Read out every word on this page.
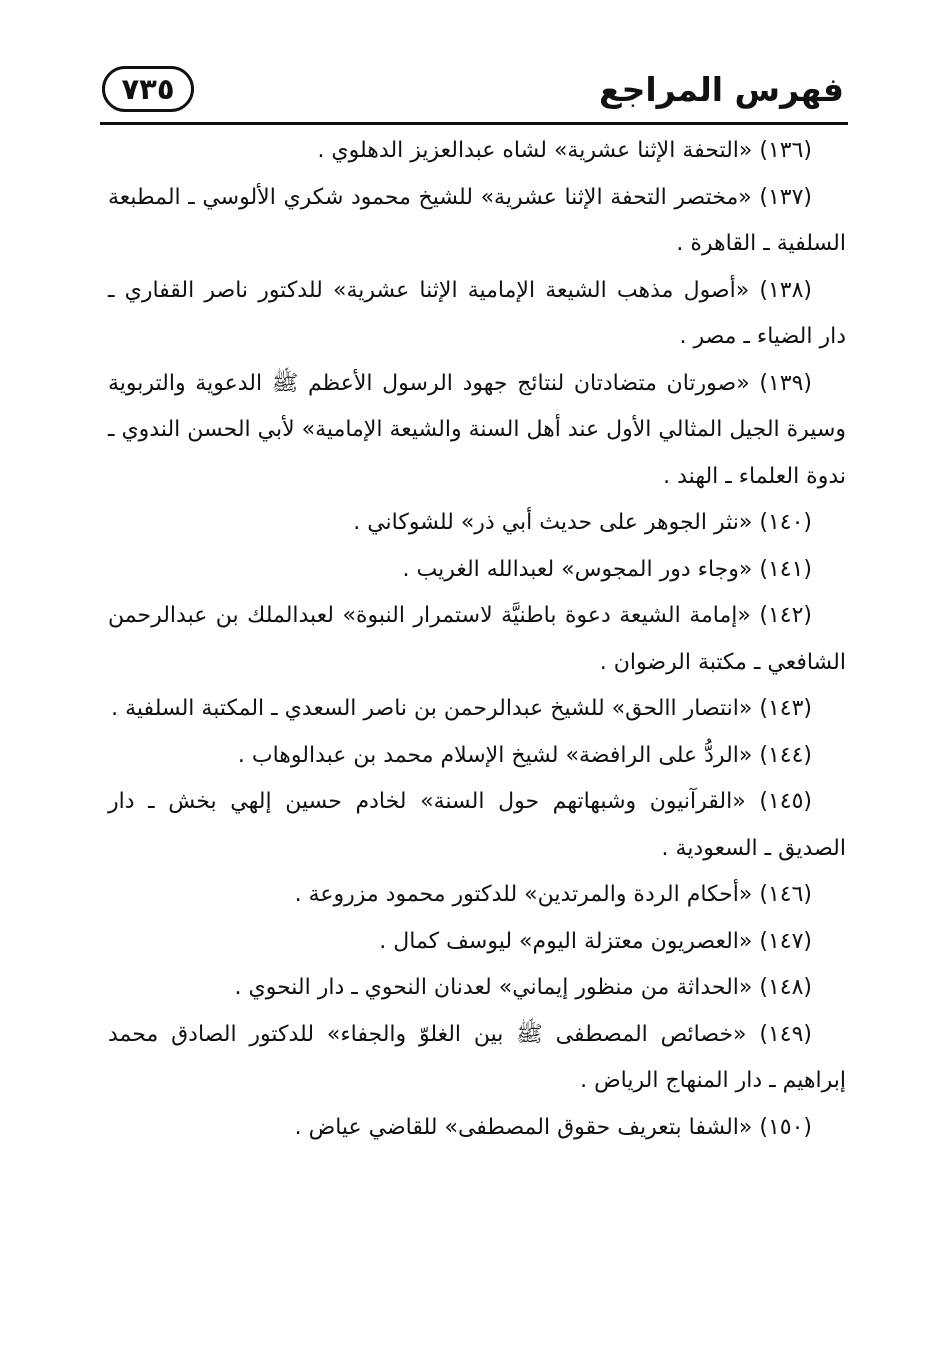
فهرس المراجع
٧٣٥

(١٣٦) «التحفة الإثنا عشرية» لشاه عبدالعزيز الدهلوي .

(١٣٧) «مختصر التحفة الإثنا عشرية» للشيخ محمود شكري الألوسي ـ المطبعة السلفية ـ القاهرة .

(١٣٨) «أصول مذهب الشيعة الإمامية الإثنا عشرية» للدكتور ناصر القفاري ـ دار الضياء ـ مصر .

(١٣٩) «صورتان متضادتان لنتائج جهود الرسول الأعظم ﷺ الدعوية والتربوية وسيرة الجيل المثالي الأول عند أهل السنة والشيعة الإمامية» لأبي الحسن الندوي ـ ندوة العلماء ـ الهند .

(١٤٠) «نثر الجوهر على حديث أبي ذر» للشوكاني .

(١٤١) «وجاء دور المجوس» لعبدالله الغريب .

(١٤٢) «إمامة الشيعة دعوة باطنيَّة لاستمرار النبوة» لعبدالملك بن عبدالرحمن الشافعي ـ مكتبة الرضوان .

(١٤٣) «انتصار االحق» للشيخ عبدالرحمن بن ناصر السعدي ـ المكتبة السلفية .

(١٤٤) «الردُّ على الرافضة» لشيخ الإسلام محمد بن عبدالوهاب .

(١٤٥) «القرآنيون وشبهاتهم حول السنة» لخادم حسين إلهي بخش ـ دار الصديق ـ السعودية .

(١٤٦) «أحكام الردة والمرتدين» للدكتور محمود مزروعة .

(١٤٧) «العصريون معتزلة اليوم» ليوسف كمال .

(١٤٨) «الحداثة من منظور إيماني» لعدنان النحوي ـ دار النحوي .

(١٤٩) «خصائص المصطفى ﷺ بين الغلوّ والجفاء» للدكتور الصادق محمد إبراهيم ـ دار المنهاج الرياض .

(١٥٠) «الشفا بتعريف حقوق المصطفى» للقاضي عياض .
